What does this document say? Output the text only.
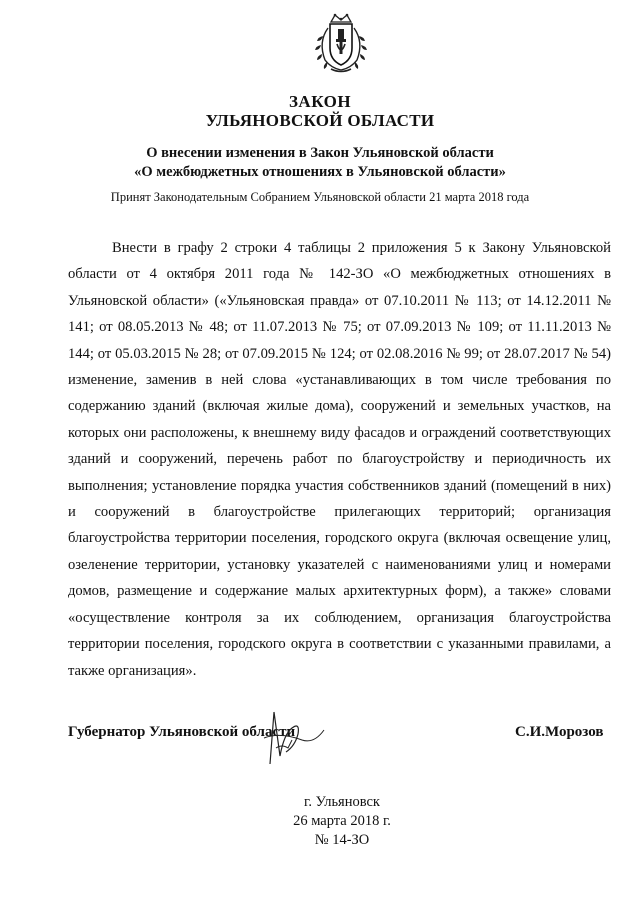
ЗАКОН
УЛЬЯНОВСКОЙ ОБЛАСТИ
О внесении изменения в Закон Ульяновской области
«О межбюджетных отношениях в Ульяновской области»
Принят Законодательным Собранием Ульяновской области 21 марта 2018 года

Внести в графу 2 строки 4 таблицы 2 приложения 5 к Закону Ульяновской области от 4 октября 2011 года № 142-ЗО «О межбюджетных отношениях в Ульяновской области» («Ульяновская правда» от 07.10.2011 № 113; от 14.12.2011 № 141; от 08.05.2013 № 48; от 11.07.2013 № 75; от 07.09.2013 № 109; от 11.11.2013 № 144; от 05.03.2015 № 28; от 07.09.2015 № 124; от 02.08.2016 № 99; от 28.07.2017 № 54) изменение, заменив в ней слова «устанавливающих в том числе требования по содержанию зданий (включая жилые дома), сооружений и земельных участков, на которых они расположены, к внешнему виду фасадов и ограждений соответствующих зданий и сооружений, перечень работ по благоустройству и периодичность их выполнения; установление порядка участия собственников зданий (помещений в них) и сооружений в благоустройстве прилегающих территорий; организация благоустройства территории поселения, городского округа (включая освещение улиц, озеленение территории, установку указателей с наименованиями улиц и номерами домов, размещение и содержание малых архитектурных форм), а также» словами «осуществление контроля за их соблюдением, организация благоустройства территории поселения, городского округа в соответствии с указанными правилами, а также организация».

Губернатор Ульяновской области	С.И.Морозов
г. Ульяновск
26 марта 2018 г.
№ 14-ЗО
